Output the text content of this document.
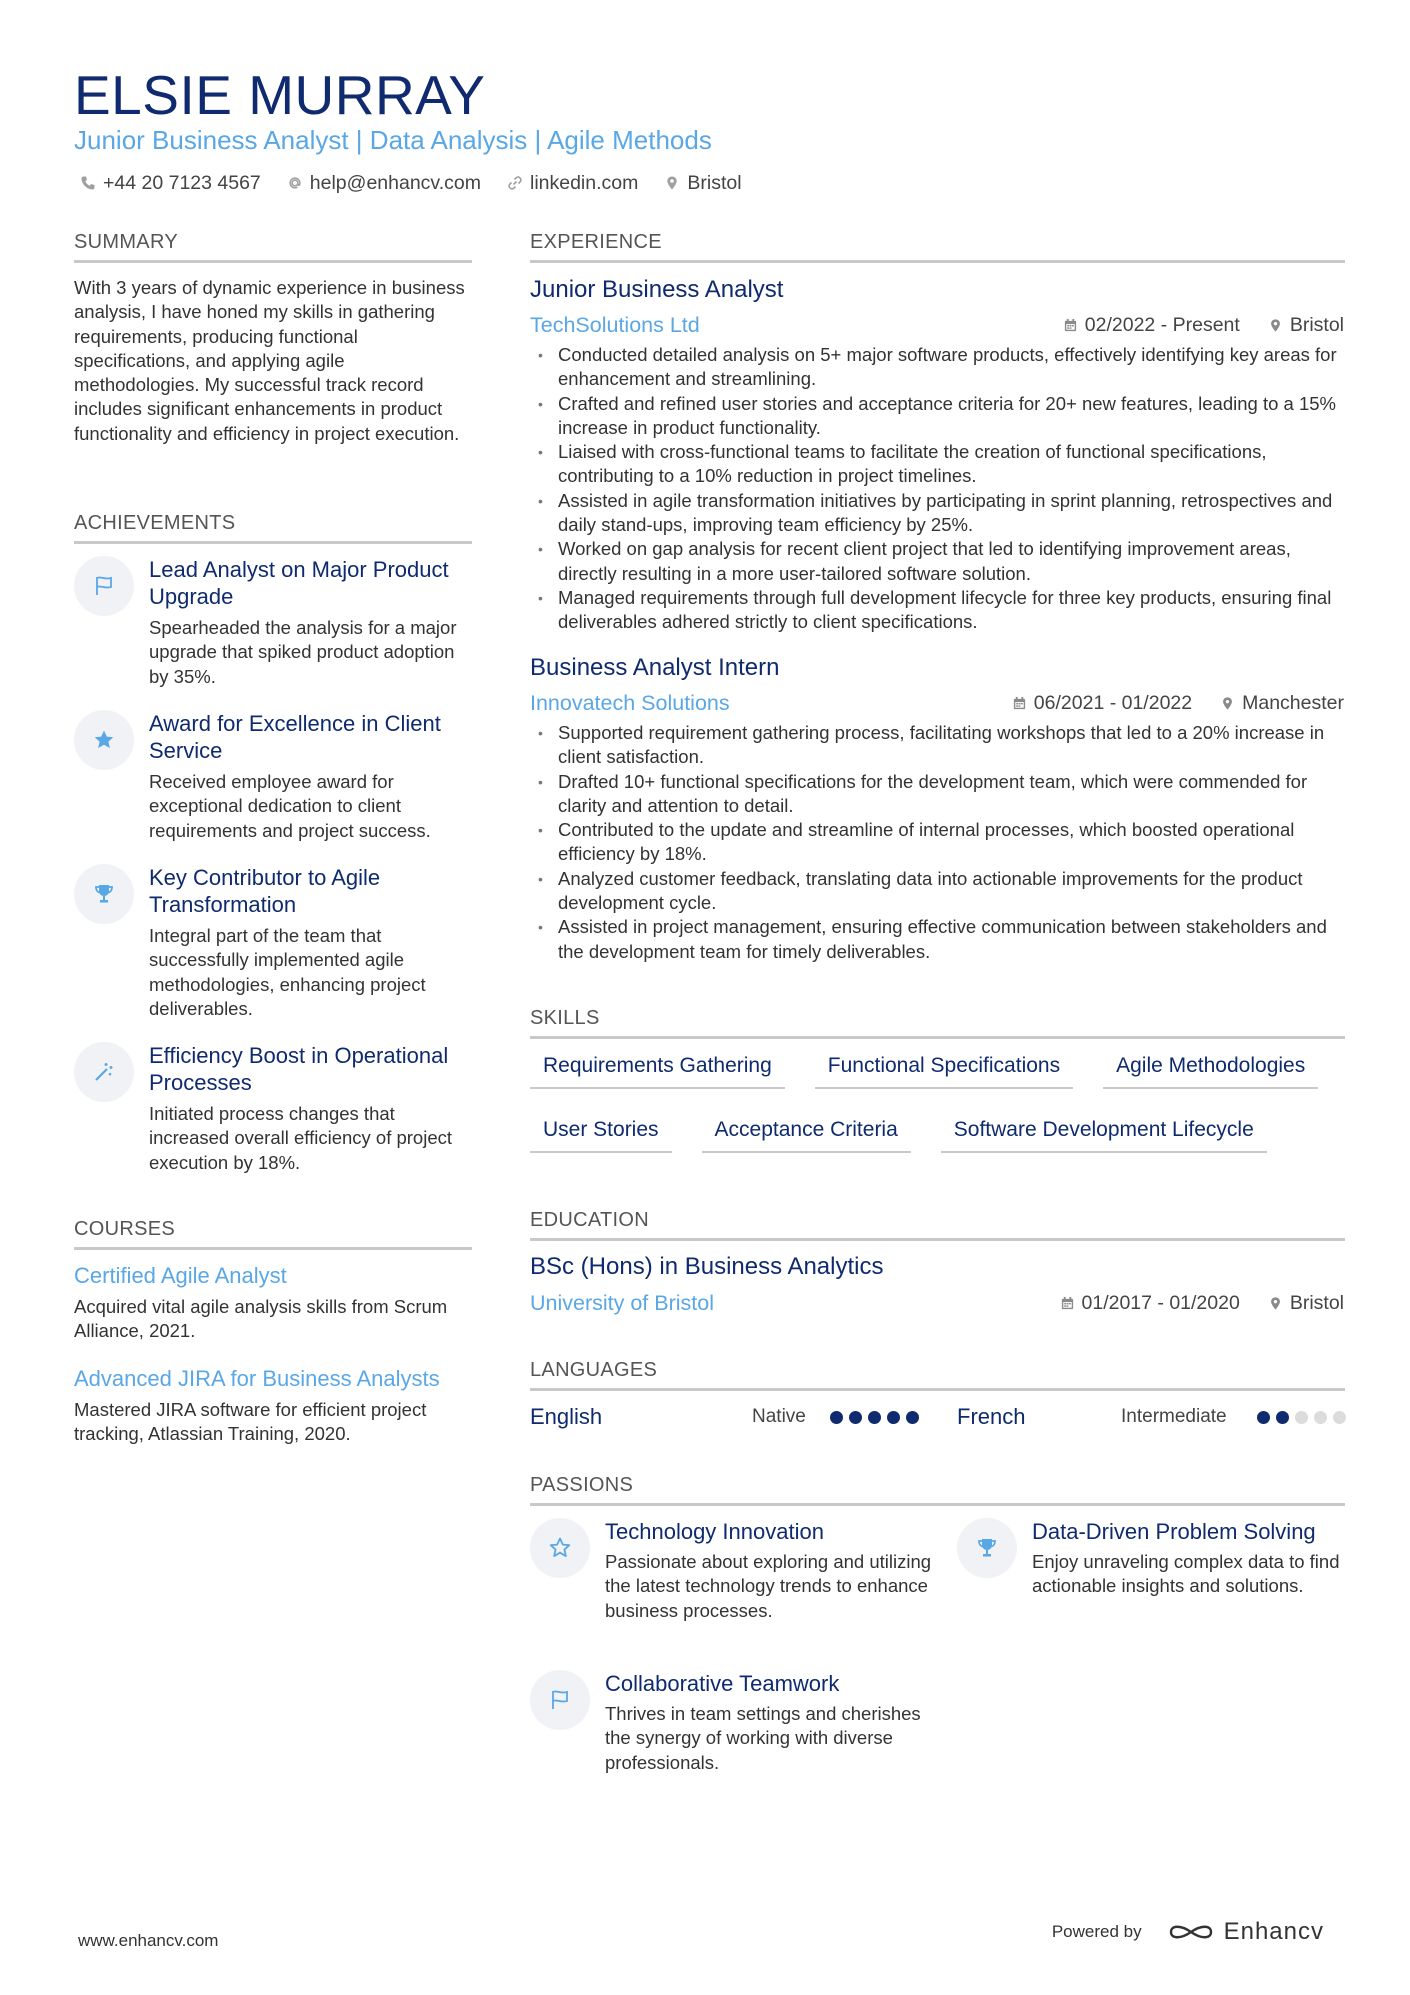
ELSIE MURRAY
Junior Business Analyst | Data Analysis | Agile Methods
+44 20 7123 4567	help@enhancv.com	linkedin.com	Bristol
SUMMARY
With 3 years of dynamic experience in business analysis, I have honed my skills in gathering requirements, producing functional specifications, and applying agile methodologies. My successful track record includes significant enhancements in product functionality and efficiency in project execution.
ACHIEVEMENTS
Lead Analyst on Major Product Upgrade
Spearheaded the analysis for a major upgrade that spiked product adoption by 35%.
Award for Excellence in Client Service
Received employee award for exceptional dedication to client requirements and project success.
Key Contributor to Agile Transformation
Integral part of the team that successfully implemented agile methodologies, enhancing project deliverables.
Efficiency Boost in Operational Processes
Initiated process changes that increased overall efficiency of project execution by 18%.
COURSES
Certified Agile Analyst
Acquired vital agile analysis skills from Scrum Alliance, 2021.
Advanced JIRA for Business Analysts
Mastered JIRA software for efficient project tracking, Atlassian Training, 2020.
EXPERIENCE
Junior Business Analyst
TechSolutions Ltd	02/2022 - Present	Bristol
• Conducted detailed analysis on 5+ major software products, effectively identifying key areas for enhancement and streamlining.
• Crafted and refined user stories and acceptance criteria for 20+ new features, leading to a 15% increase in product functionality.
• Liaised with cross-functional teams to facilitate the creation of functional specifications, contributing to a 10% reduction in project timelines.
• Assisted in agile transformation initiatives by participating in sprint planning, retrospectives and daily stand-ups, improving team efficiency by 25%.
• Worked on gap analysis for recent client project that led to identifying improvement areas, directly resulting in a more user-tailored software solution.
• Managed requirements through full development lifecycle for three key products, ensuring final deliverables adhered strictly to client specifications.
Business Analyst Intern
Innovatech Solutions	06/2021 - 01/2022	Manchester
• Supported requirement gathering process, facilitating workshops that led to a 20% increase in client satisfaction.
• Drafted 10+ functional specifications for the development team, which were commended for clarity and attention to detail.
• Contributed to the update and streamline of internal processes, which boosted operational efficiency by 18%.
• Analyzed customer feedback, translating data into actionable improvements for the product development cycle.
• Assisted in project management, ensuring effective communication between stakeholders and the development team for timely deliverables.
SKILLS
Requirements Gathering	Functional Specifications	Agile Methodologies
User Stories	Acceptance Criteria	Software Development Lifecycle
EDUCATION
BSc (Hons) in Business Analytics
University of Bristol	01/2017 - 01/2020	Bristol
LANGUAGES
English	Native	French	Intermediate
PASSIONS
Technology Innovation
Passionate about exploring and utilizing the latest technology trends to enhance business processes.
Data-Driven Problem Solving
Enjoy unraveling complex data to find actionable insights and solutions.
Collaborative Teamwork
Thrives in team settings and cherishes the synergy of working with diverse professionals.
www.enhancv.com	Powered by	Enhancv
